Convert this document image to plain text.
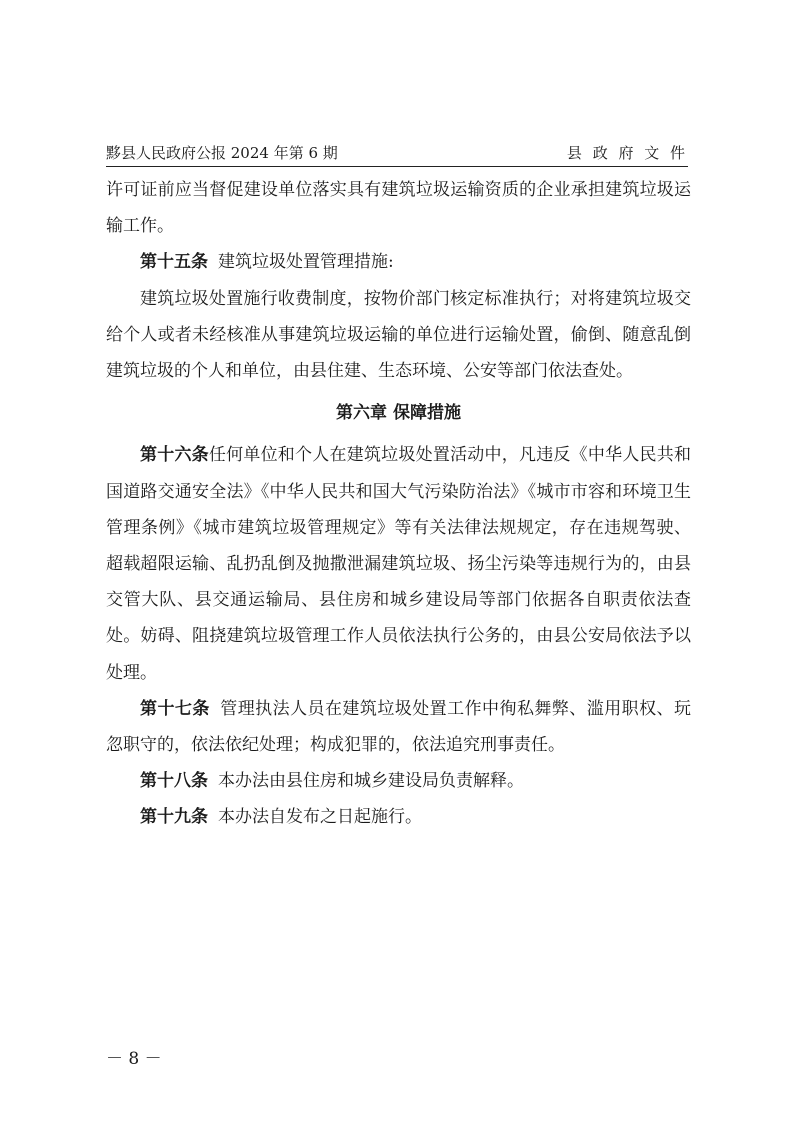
黟县人民政府公报 2024 年第 6 期	县 政 府 文 件

许可证前应当督促建设单位落实具有建筑垃圾运输资质的企业承担建筑垃圾运输工作。

第十五条 建筑垃圾处置管理措施:

建筑垃圾处置施行收费制度，按物价部门核定标准执行；对将建筑垃圾交给个人或者未经核准从事建筑垃圾运输的单位进行运输处置，偷倒、随意乱倒建筑垃圾的个人和单位，由县住建、生态环境、公安等部门依法查处。

第六章 保障措施

第十六条任何单位和个人在建筑垃圾处置活动中，凡违反《中华人民共和国道路交通安全法》《中华人民共和国大气污染防治法》《城市市容和环境卫生管理条例》《城市建筑垃圾管理规定》等有关法律法规规定，存在违规驾驶、超载超限运输、乱扔乱倒及抛撒泄漏建筑垃圾、扬尘污染等违规行为的，由县交管大队、县交通运输局、县住房和城乡建设局等部门依据各自职责依法查处。妨碍、阻挠建筑垃圾管理工作人员依法执行公务的，由县公安局依法予以处理。

第十七条 管理执法人员在建筑垃圾处置工作中徇私舞弊、滥用职权、玩忽职守的，依法依纪处理；构成犯罪的，依法追究刑事责任。

第十八条 本办法由县住房和城乡建设局负责解释。

第十九条 本办法自发布之日起施行。

－ 8 －
